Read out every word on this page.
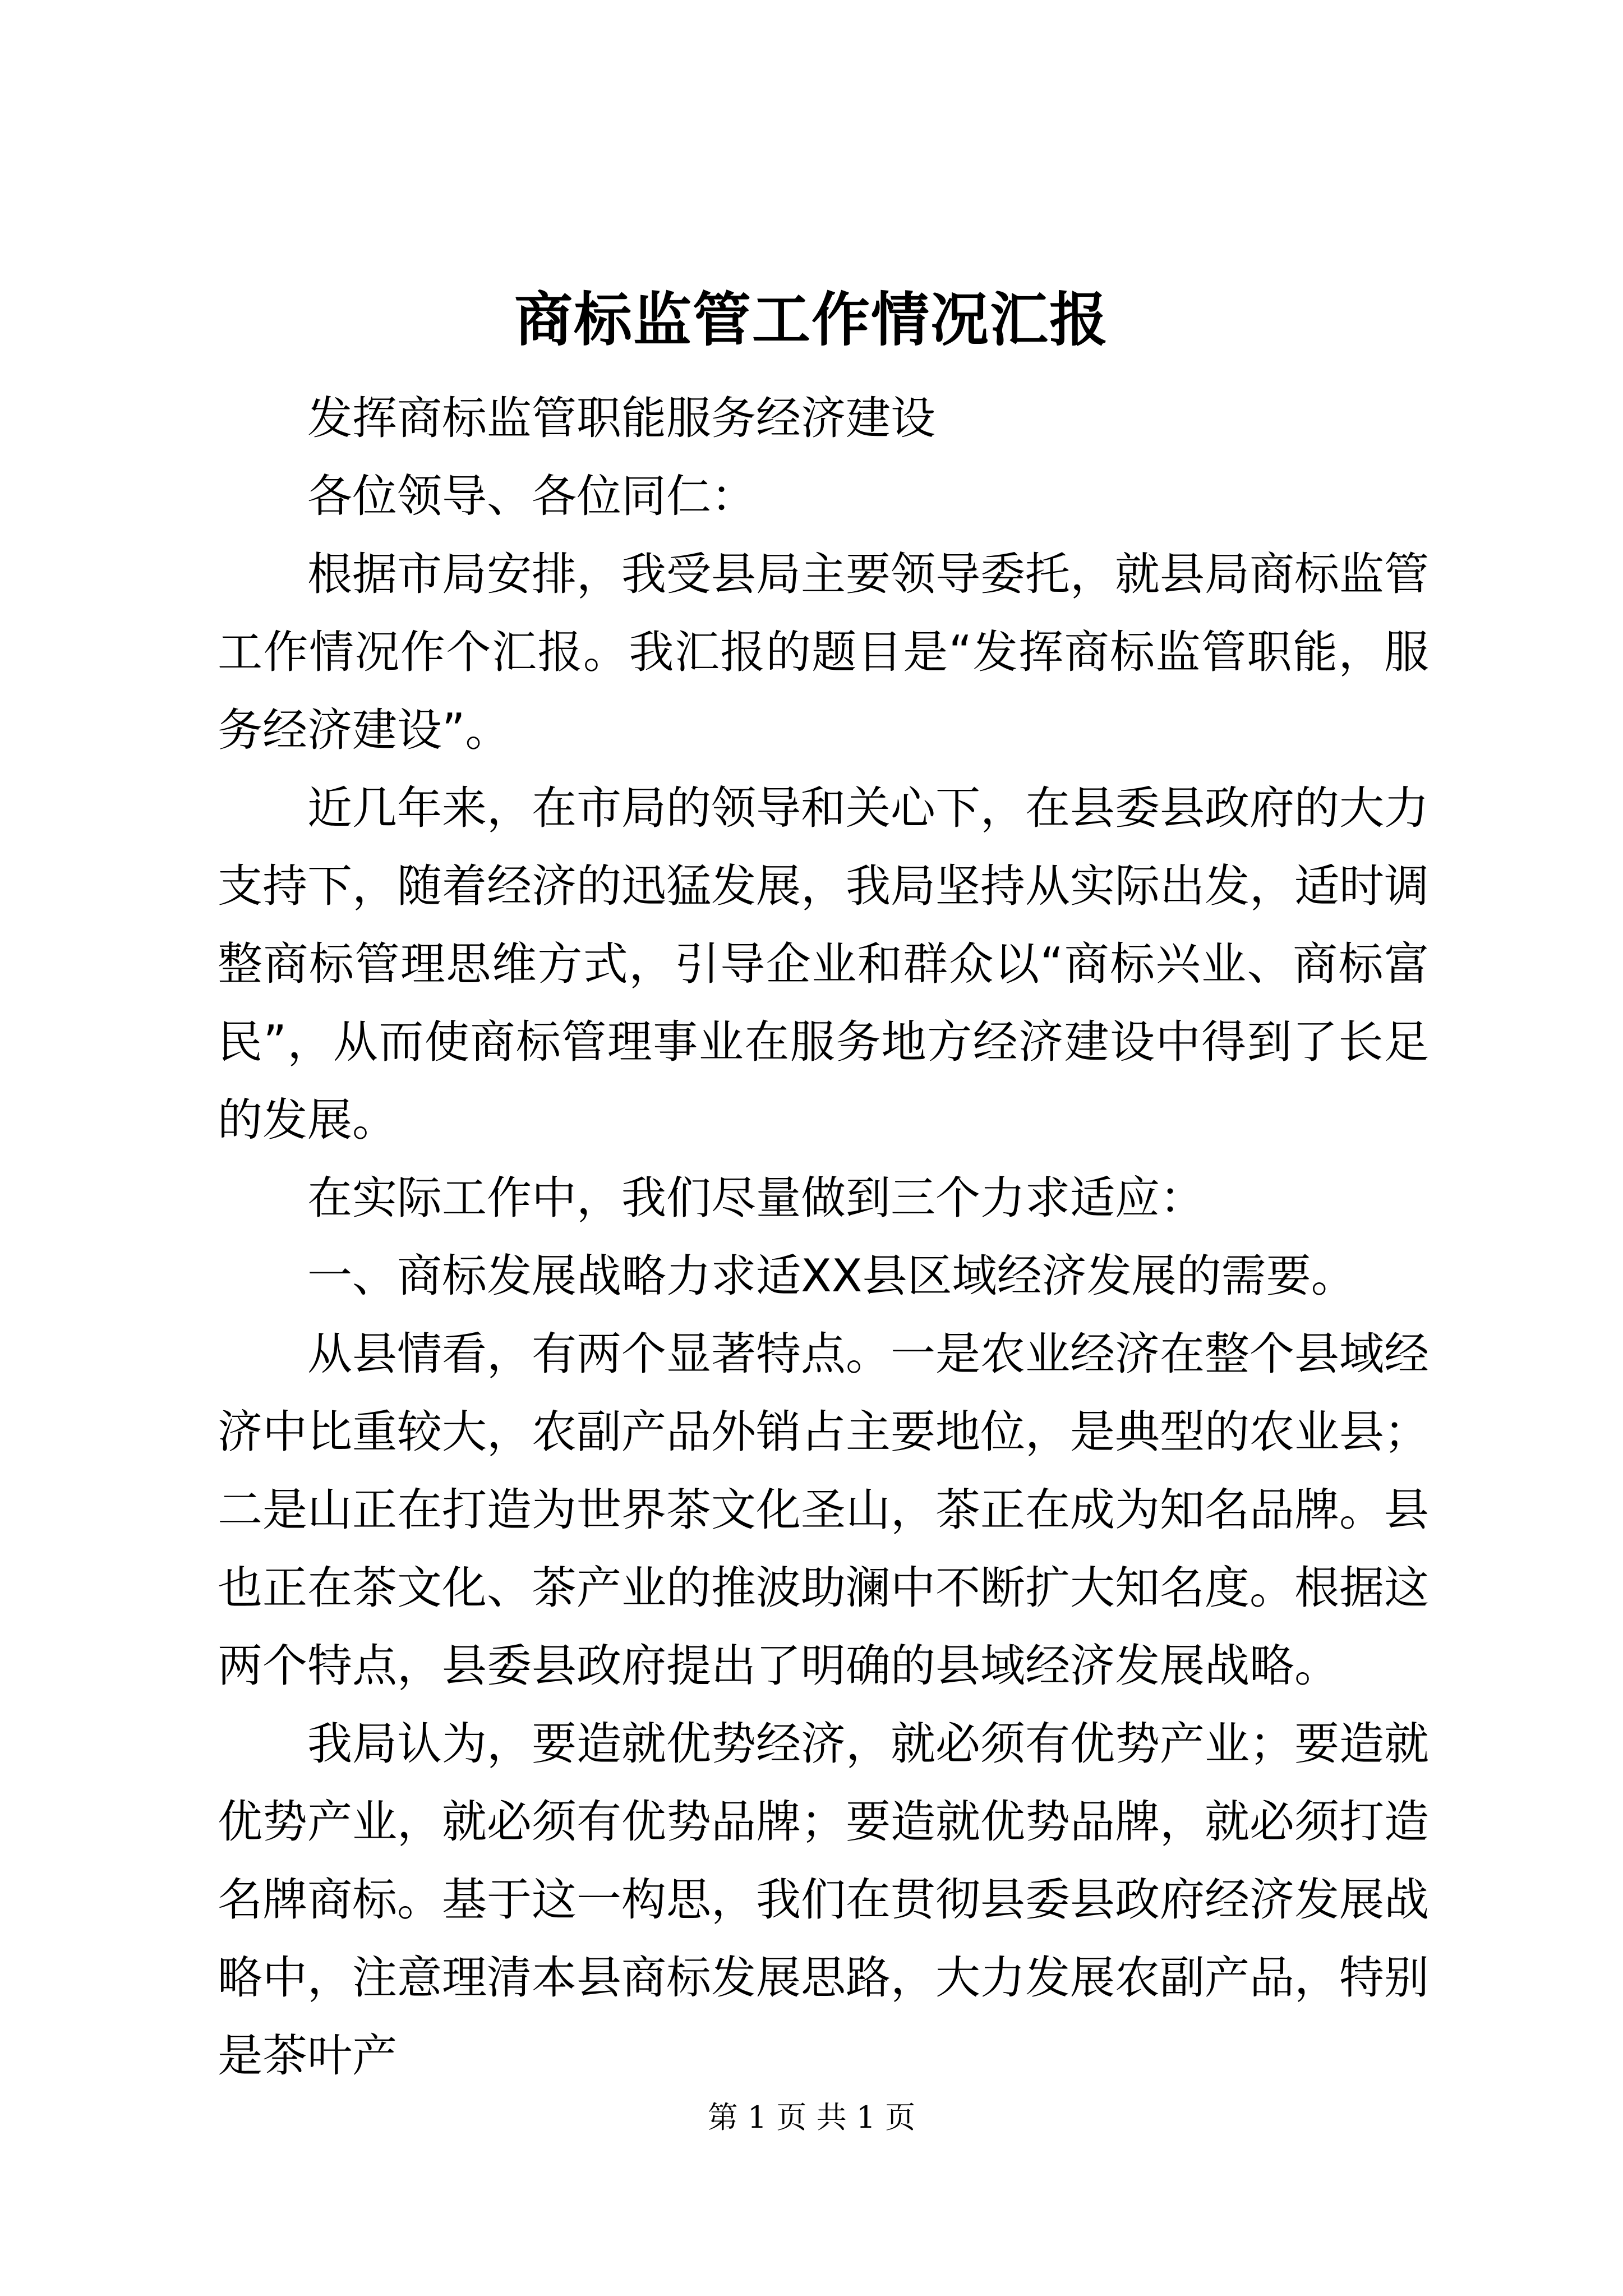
商标监管工作情况汇报

发挥商标监管职能服务经济建设

各位领导、各位同仁：

根据市局安排，我受县局主要领导委托，就县局商标监管工作情况作个汇报。我汇报的题目是“发挥商标监管职能，服务经济建设”。

近几年来，在市局的领导和关心下，在县委县政府的大力支持下，随着经济的迅猛发展，我局坚持从实际出发，适时调整商标管理思维方式，引导企业和群众以“商标兴业、商标富民”，从而使商标管理事业在服务地方经济建设中得到了长足的发展。

在实际工作中，我们尽量做到三个力求适应：

一、商标发展战略力求适XX县区域经济发展的需要。

从县情看，有两个显著特点。一是农业经济在整个县域经济中比重较大，农副产品外销占主要地位，是典型的农业县；二是山正在打造为世界茶文化圣山，茶正在成为知名品牌。县也正在茶文化、茶产业的推波助澜中不断扩大知名度。根据这两个特点，县委县政府提出了明确的县域经济发展战略。

我局认为，要造就优势经济，就必须有优势产业；要造就优势产业，就必须有优势品牌；要造就优势品牌，就必须打造名牌商标。基于这一构思，我们在贯彻县委县政府经济发展战略中，注意理清本县商标发展思路，大力发展农副产品，特别是茶叶产

第 1 页 共 1 页
